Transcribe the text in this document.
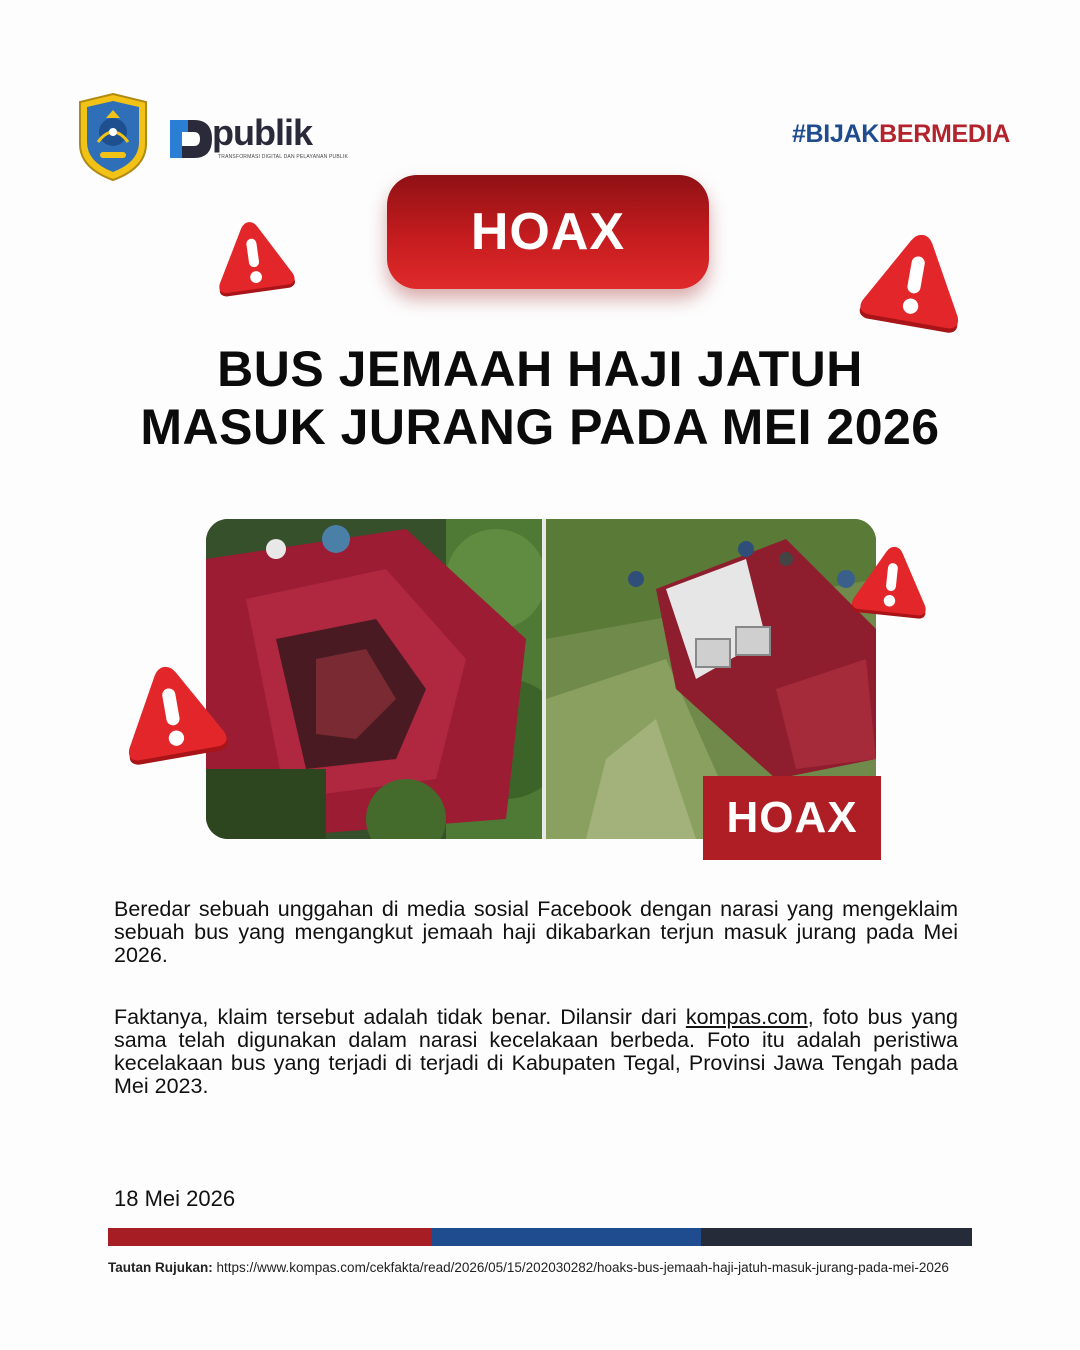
publik
TRANSFORMASI DIGITAL DAN PELAYANAN PUBLIK
#BIJAKBERMEDIA
HOAX
BUS JEMAAH HAJI JATUH
MASUK JURANG PADA MEI 2026
HOAX
Beredar sebuah unggahan di media sosial Facebook dengan narasi yang mengeklaim sebuah bus yang mengangkut jemaah haji dikabarkan terjun masuk jurang pada Mei 2026.
Faktanya, klaim tersebut adalah tidak benar. Dilansir dari kompas.com, foto bus yang sama telah digunakan dalam narasi kecelakaan berbeda. Foto itu adalah peristiwa kecelakaan bus yang terjadi di terjadi di Kabupaten Tegal, Provinsi Jawa Tengah pada Mei 2023.
18 Mei 2026
Tautan Rujukan: https://www.kompas.com/cekfakta/read/2026/05/15/202030282/hoaks-bus-jemaah-haji-jatuh-masuk-jurang-pada-mei-2026
